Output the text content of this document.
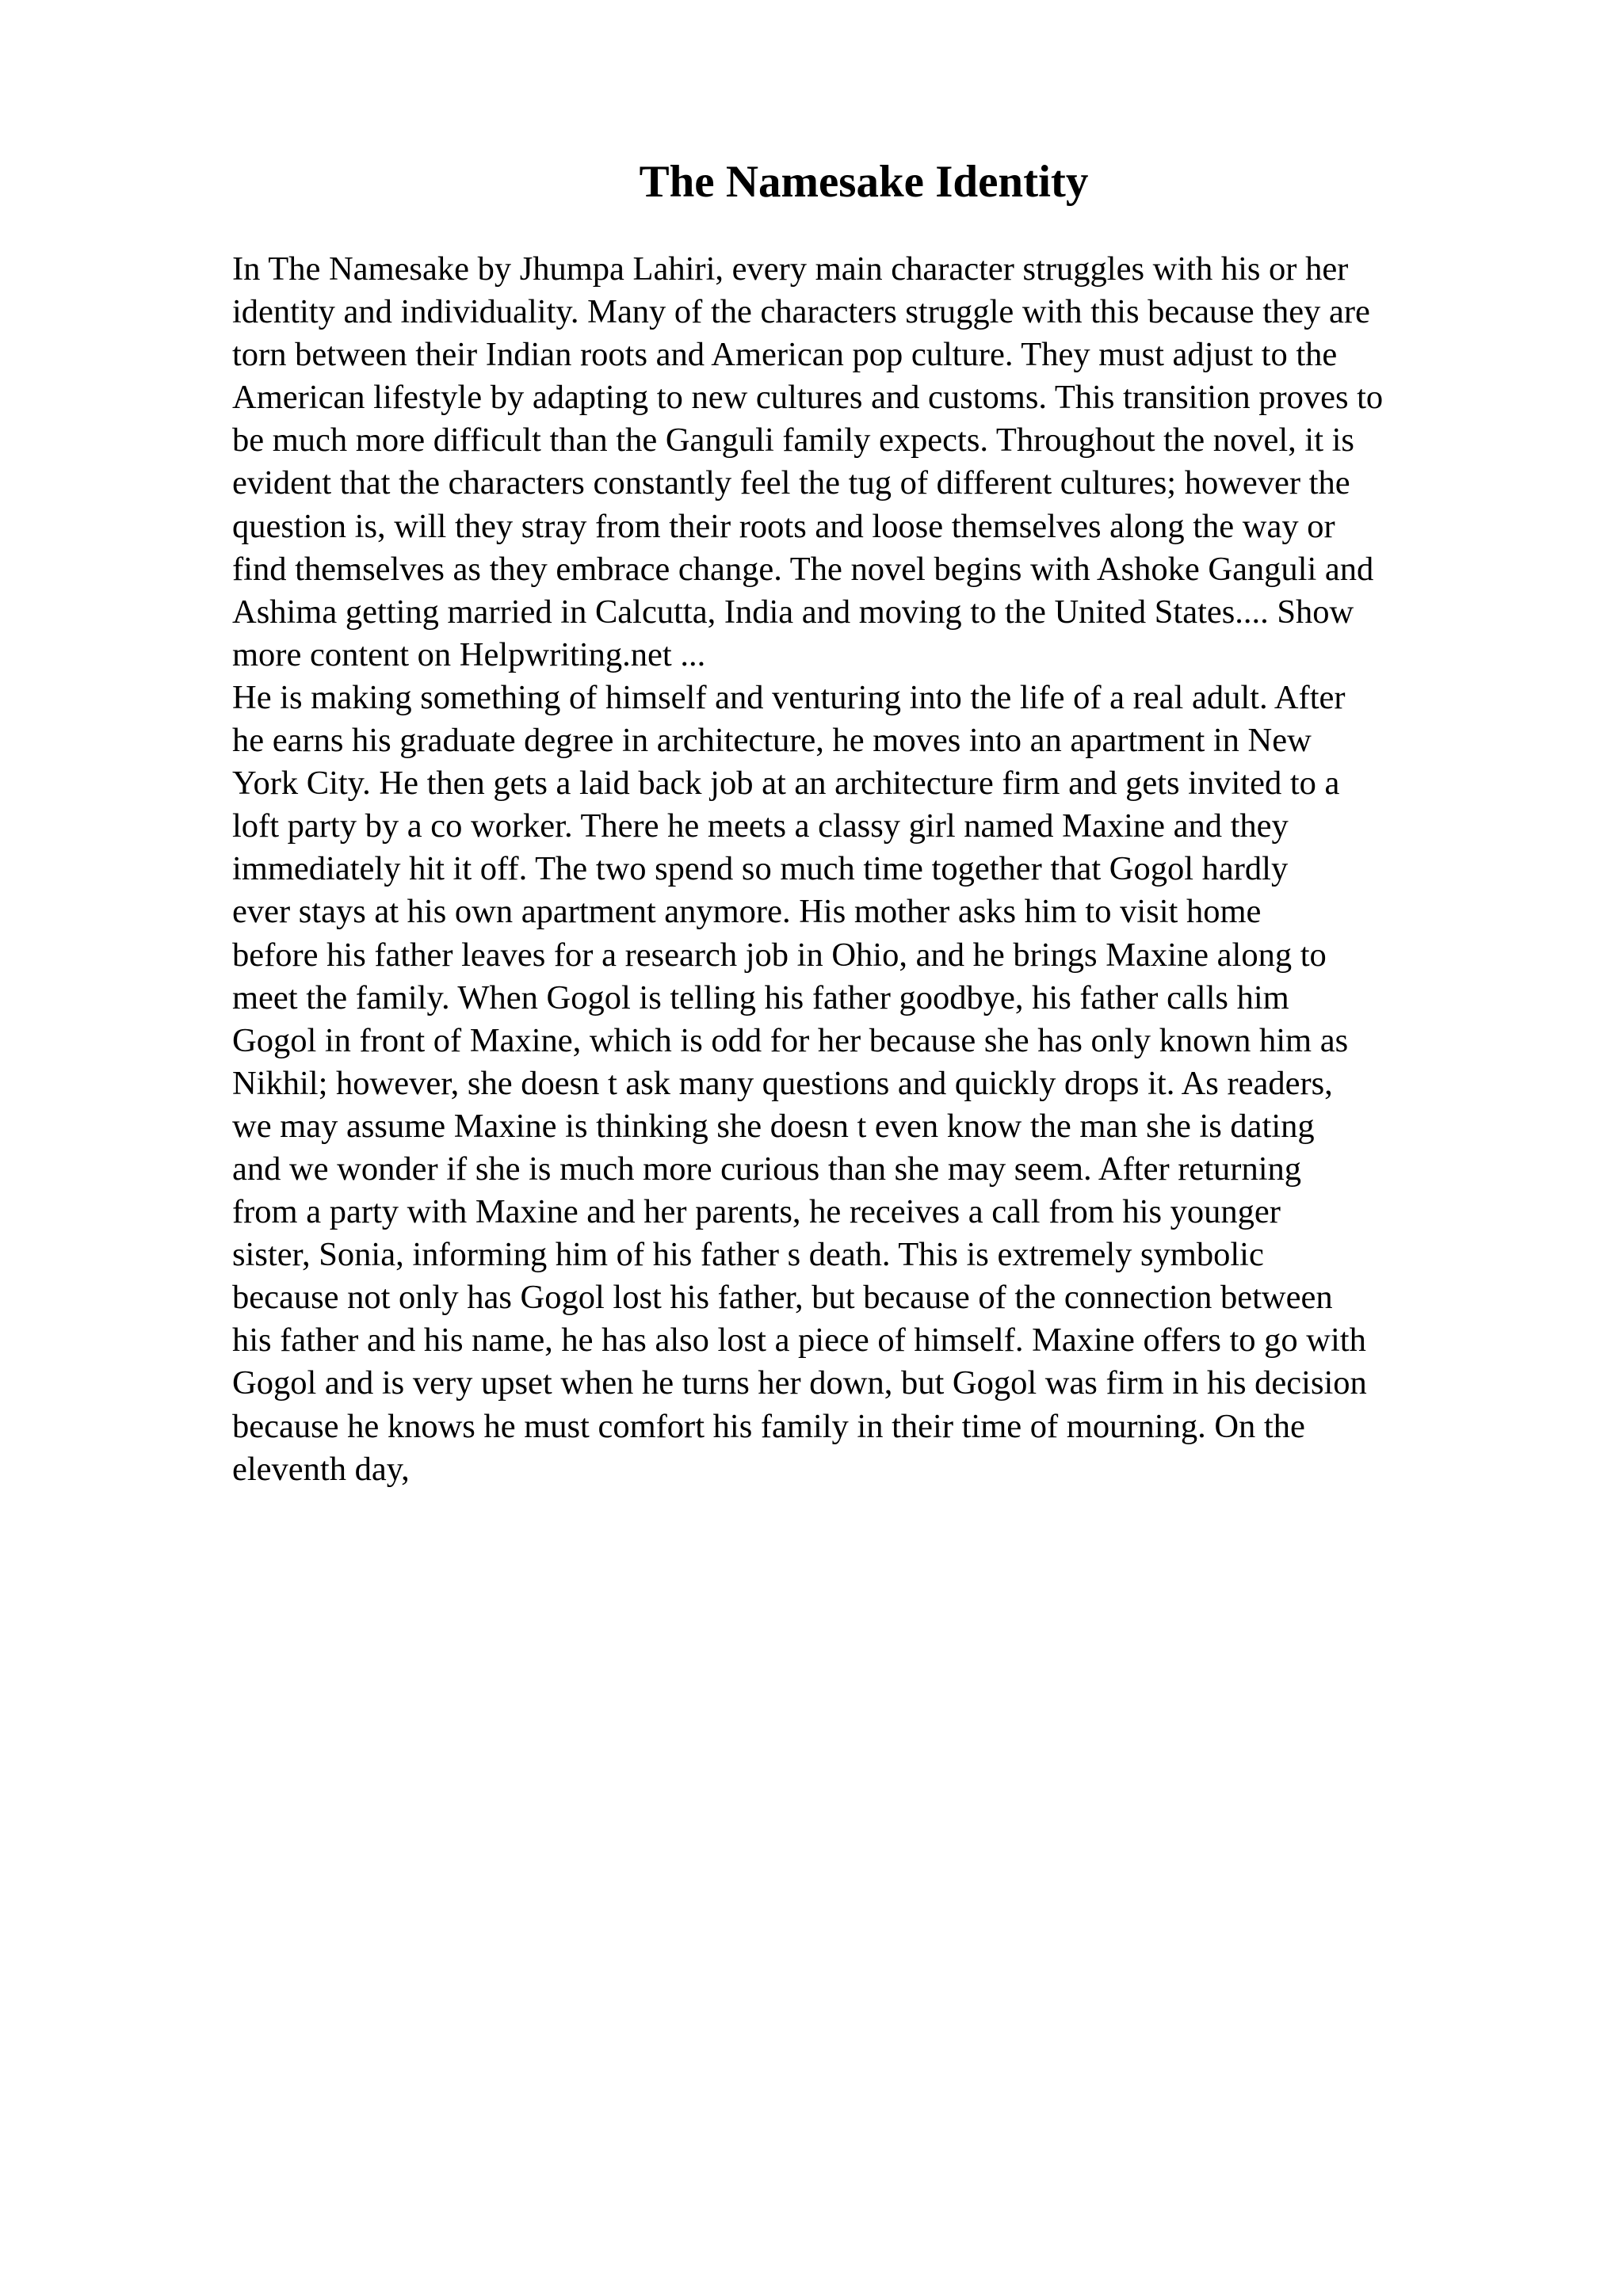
The Namesake Identity
In The Namesake by Jhumpa Lahiri, every main character struggles with his or her
identity and individuality. Many of the characters struggle with this because they are
torn between their Indian roots and American pop culture. They must adjust to the
American lifestyle by adapting to new cultures and customs. This transition proves to
be much more difficult than the Ganguli family expects. Throughout the novel, it is
evident that the characters constantly feel the tug of different cultures; however the
question is, will they stray from their roots and loose themselves along the way or
find themselves as they embrace change. The novel begins with Ashoke Ganguli and
Ashima getting married in Calcutta, India and moving to the United States.... Show
more content on Helpwriting.net ...
He is making something of himself and venturing into the life of a real adult. After
he earns his graduate degree in architecture, he moves into an apartment in New
York City. He then gets a laid back job at an architecture firm and gets invited to a
loft party by a co worker. There he meets a classy girl named Maxine and they
immediately hit it off. The two spend so much time together that Gogol hardly
ever stays at his own apartment anymore. His mother asks him to visit home
before his father leaves for a research job in Ohio, and he brings Maxine along to
meet the family. When Gogol is telling his father goodbye, his father calls him
Gogol in front of Maxine, which is odd for her because she has only known him as
Nikhil; however, she doesn t ask many questions and quickly drops it. As readers,
we may assume Maxine is thinking she doesn t even know the man she is dating
and we wonder if she is much more curious than she may seem. After returning
from a party with Maxine and her parents, he receives a call from his younger
sister, Sonia, informing him of his father s death. This is extremely symbolic
because not only has Gogol lost his father, but because of the connection between
his father and his name, he has also lost a piece of himself. Maxine offers to go with
Gogol and is very upset when he turns her down, but Gogol was firm in his decision
because he knows he must comfort his family in their time of mourning. On the
eleventh day,
